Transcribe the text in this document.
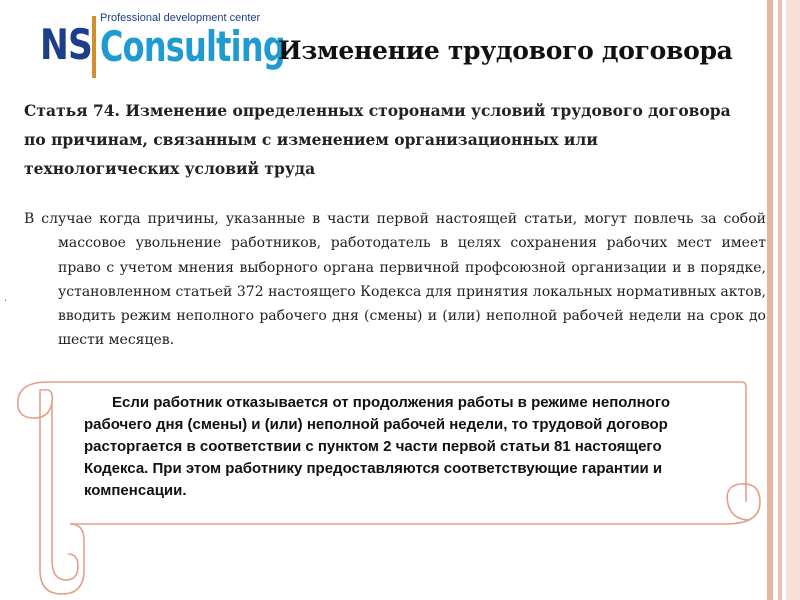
NS
Professional development center
Consulting
Изменение трудового договора

Статья 74. Изменение определенных сторонами условий трудового договора по причинам, связанным с изменением организационных или технологических условий труда

В случае когда причины, указанные в части первой настоящей статьи, могут повлечь за собой массовое увольнение работников, работодатель в целях сохранения рабочих мест имеет право с учетом мнения выборного органа первичной профсоюзной организации и в порядке, установленном статьей 372 настоящего Кодекса для принятия локальных нормативных актов, вводить режим неполного рабочего дня (смены) и (или) неполной рабочей недели на срок до шести месяцев.

·

Если работник отказывается от продолжения работы в режиме неполного рабочего дня (смены) и (или) неполной рабочей недели, то трудовой договор расторгается в соответствии с пунктом 2 части первой статьи 81 настоящего Кодекса. При этом работнику предоставляются соответствующие гарантии и компенсации.
